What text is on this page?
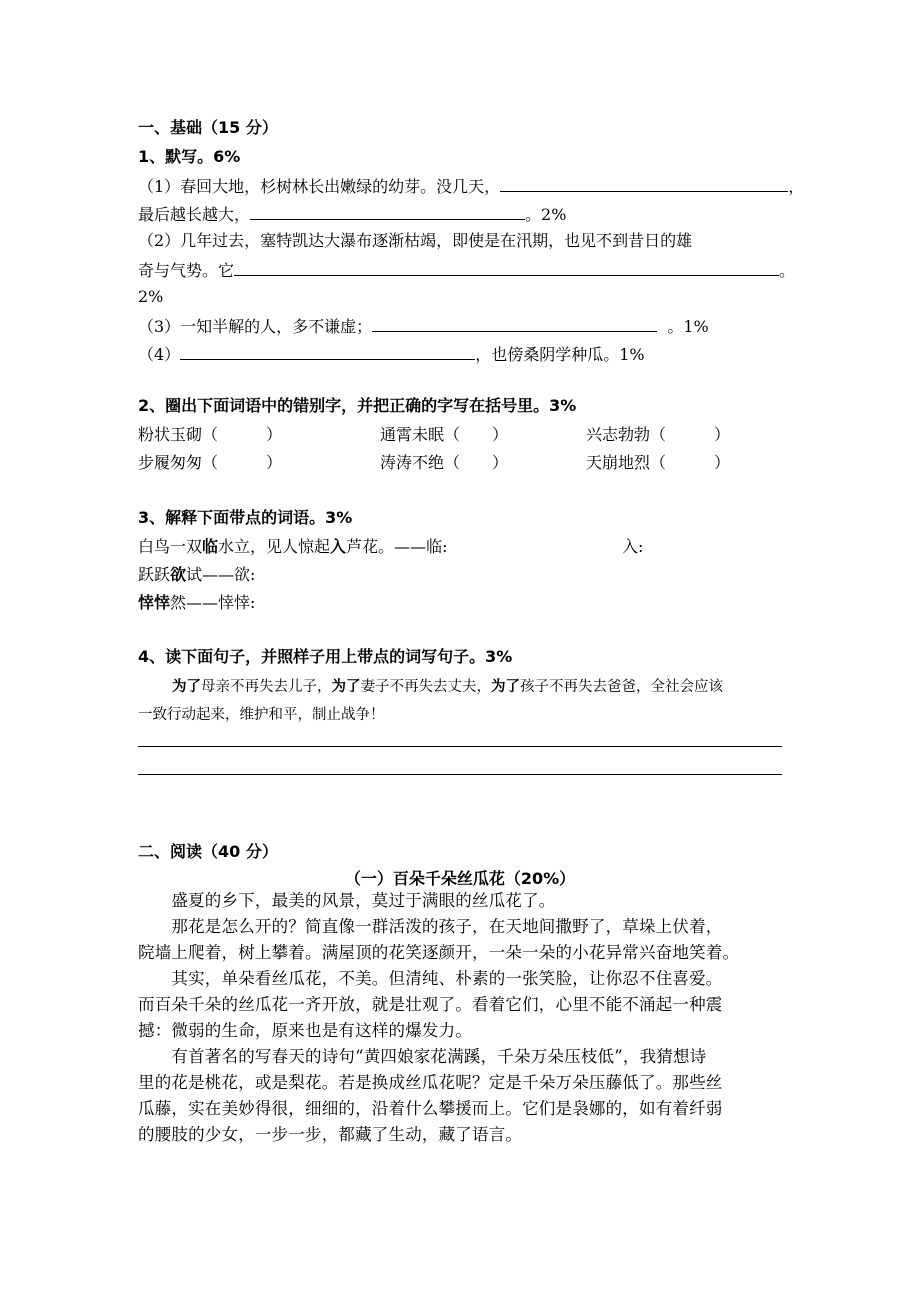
一、基础（15 分）
1、默写。6%
（1）春回大地，杉树林长出嫩绿的幼芽。没几天，	，
最后越长越大，	。2%
（2）几年过去，塞特凯达大瀑布逐渐枯竭，即使是在汛期，也见不到昔日的雄
奇与气势。它	。
2%
（3）一知半解的人，多不谦虚；	。1%
（4）	，也傍桑阴学种瓜。1%
2、圈出下面词语中的错别字，并把正确的字写在括号里。3%
粉状玉砌（　　　）	通霄未眠（　　）	兴志勃勃（　　　）
步履匆匆（　　　）	涛涛不绝（　　）	天崩地烈（　　　）
3、解释下面带点的词语。3%
白鸟一双临水立，见人惊起入芦花。——临:	入:
跃跃欲试——欲:
悻悻然——悻悻:
4、读下面句子，并照样子用上带点的词写句子。3%
为了母亲不再失去儿子，为了妻子不再失去丈夫，为了孩子不再失去爸爸，全社会应该
一致行动起来，维护和平，制止战争！
二、阅读（40 分）
（一）百朵千朵丝瓜花（20%）
　　盛夏的乡下，最美的风景，莫过于满眼的丝瓜花了。
　　那花是怎么开的？简直像一群活泼的孩子，在天地间撒野了，草垛上伏着，
院墙上爬着，树上攀着。满屋顶的花笑逐颜开，一朵一朵的小花异常兴奋地笑着。
　　其实，单朵看丝瓜花，不美。但清纯、朴素的一张笑脸，让你忍不住喜爱。
而百朵千朵的丝瓜花一齐开放，就是壮观了。看着它们，心里不能不涌起一种震
撼：微弱的生命，原来也是有这样的爆发力。
　　有首著名的写春天的诗句“黄四娘家花满蹊，千朵万朵压枝低”，我猜想诗
里的花是桃花，或是梨花。若是换成丝瓜花呢？定是千朵万朵压藤低了。那些丝
瓜藤，实在美妙得很，细细的，沿着什么攀援而上。它们是袅娜的，如有着纤弱
的腰肢的少女，一步一步，都藏了生动，藏了语言。
